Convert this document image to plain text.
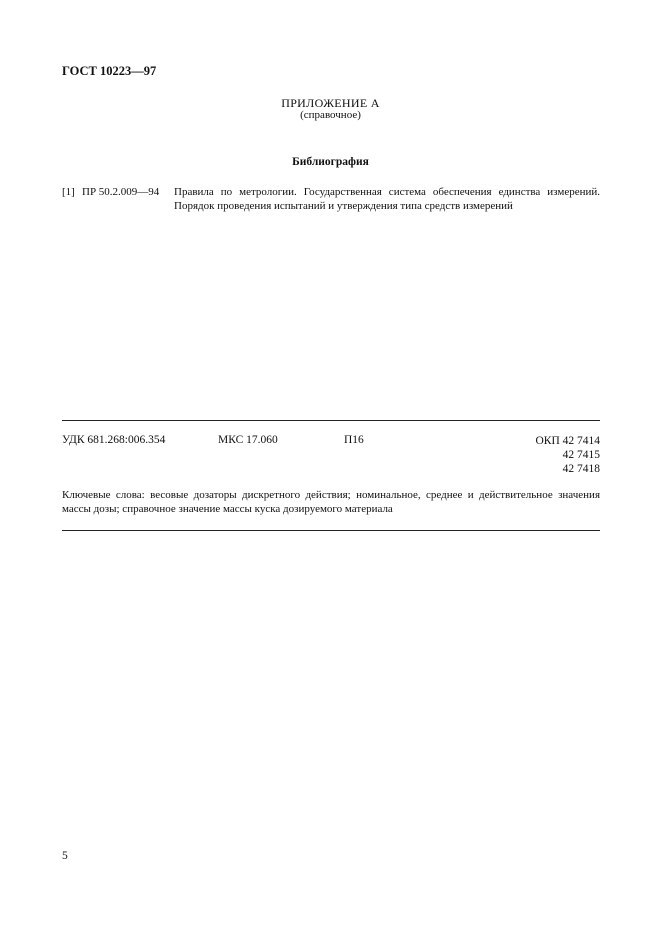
ГОСТ 10223—97
ПРИЛОЖЕНИЕ А
(справочное)
Библиография
[1] ПР 50.2.009—94 Правила по метрологии. Государственная система обеспечения единства измерений. Порядок проведения испытаний и утверждения типа средств измерений
УДК 681.268:006.354	МКС 17.060	П16	ОКП 42 7414
42 7415
42 7418
Ключевые слова: весовые дозаторы дискретного действия; номинальное, среднее и действительное значения массы дозы; справочное значение массы куска дозируемого материала
5
